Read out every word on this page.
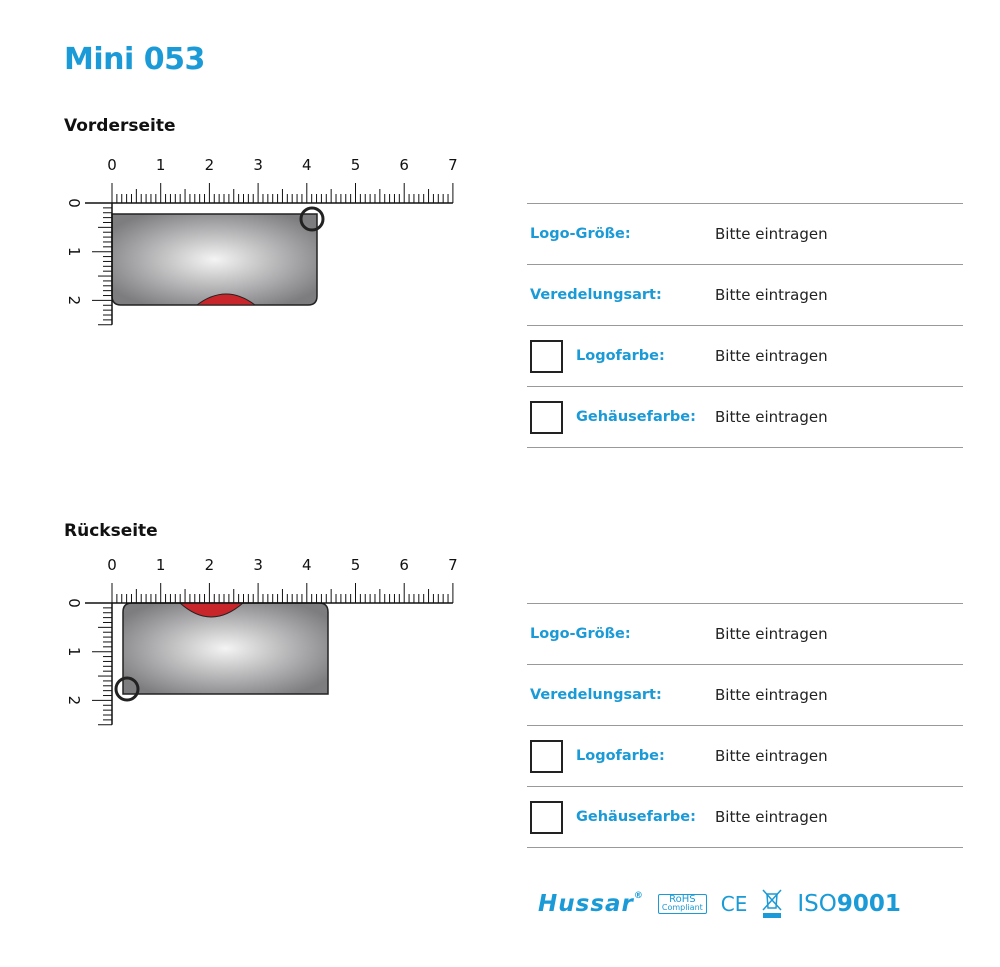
Mini 053
Vorderseite
0	1	2	3	4	5	6	7
0
1
2
Logo-Größe:	Bitte eintragen
Veredelungsart:	Bitte eintragen
Logofarbe:	Bitte eintragen
Gehäusefarbe: Bitte eintragen
Rückseite
0	1	2	3	4	5	6	7
0
1
2
Logo-Größe:	Bitte eintragen
Veredelungsart:	Bitte eintragen
Logofarbe:	Bitte eintragen
Gehäusefarbe: Bitte eintragen
Hussar®	RoHS
Compliant CE ISO9001
